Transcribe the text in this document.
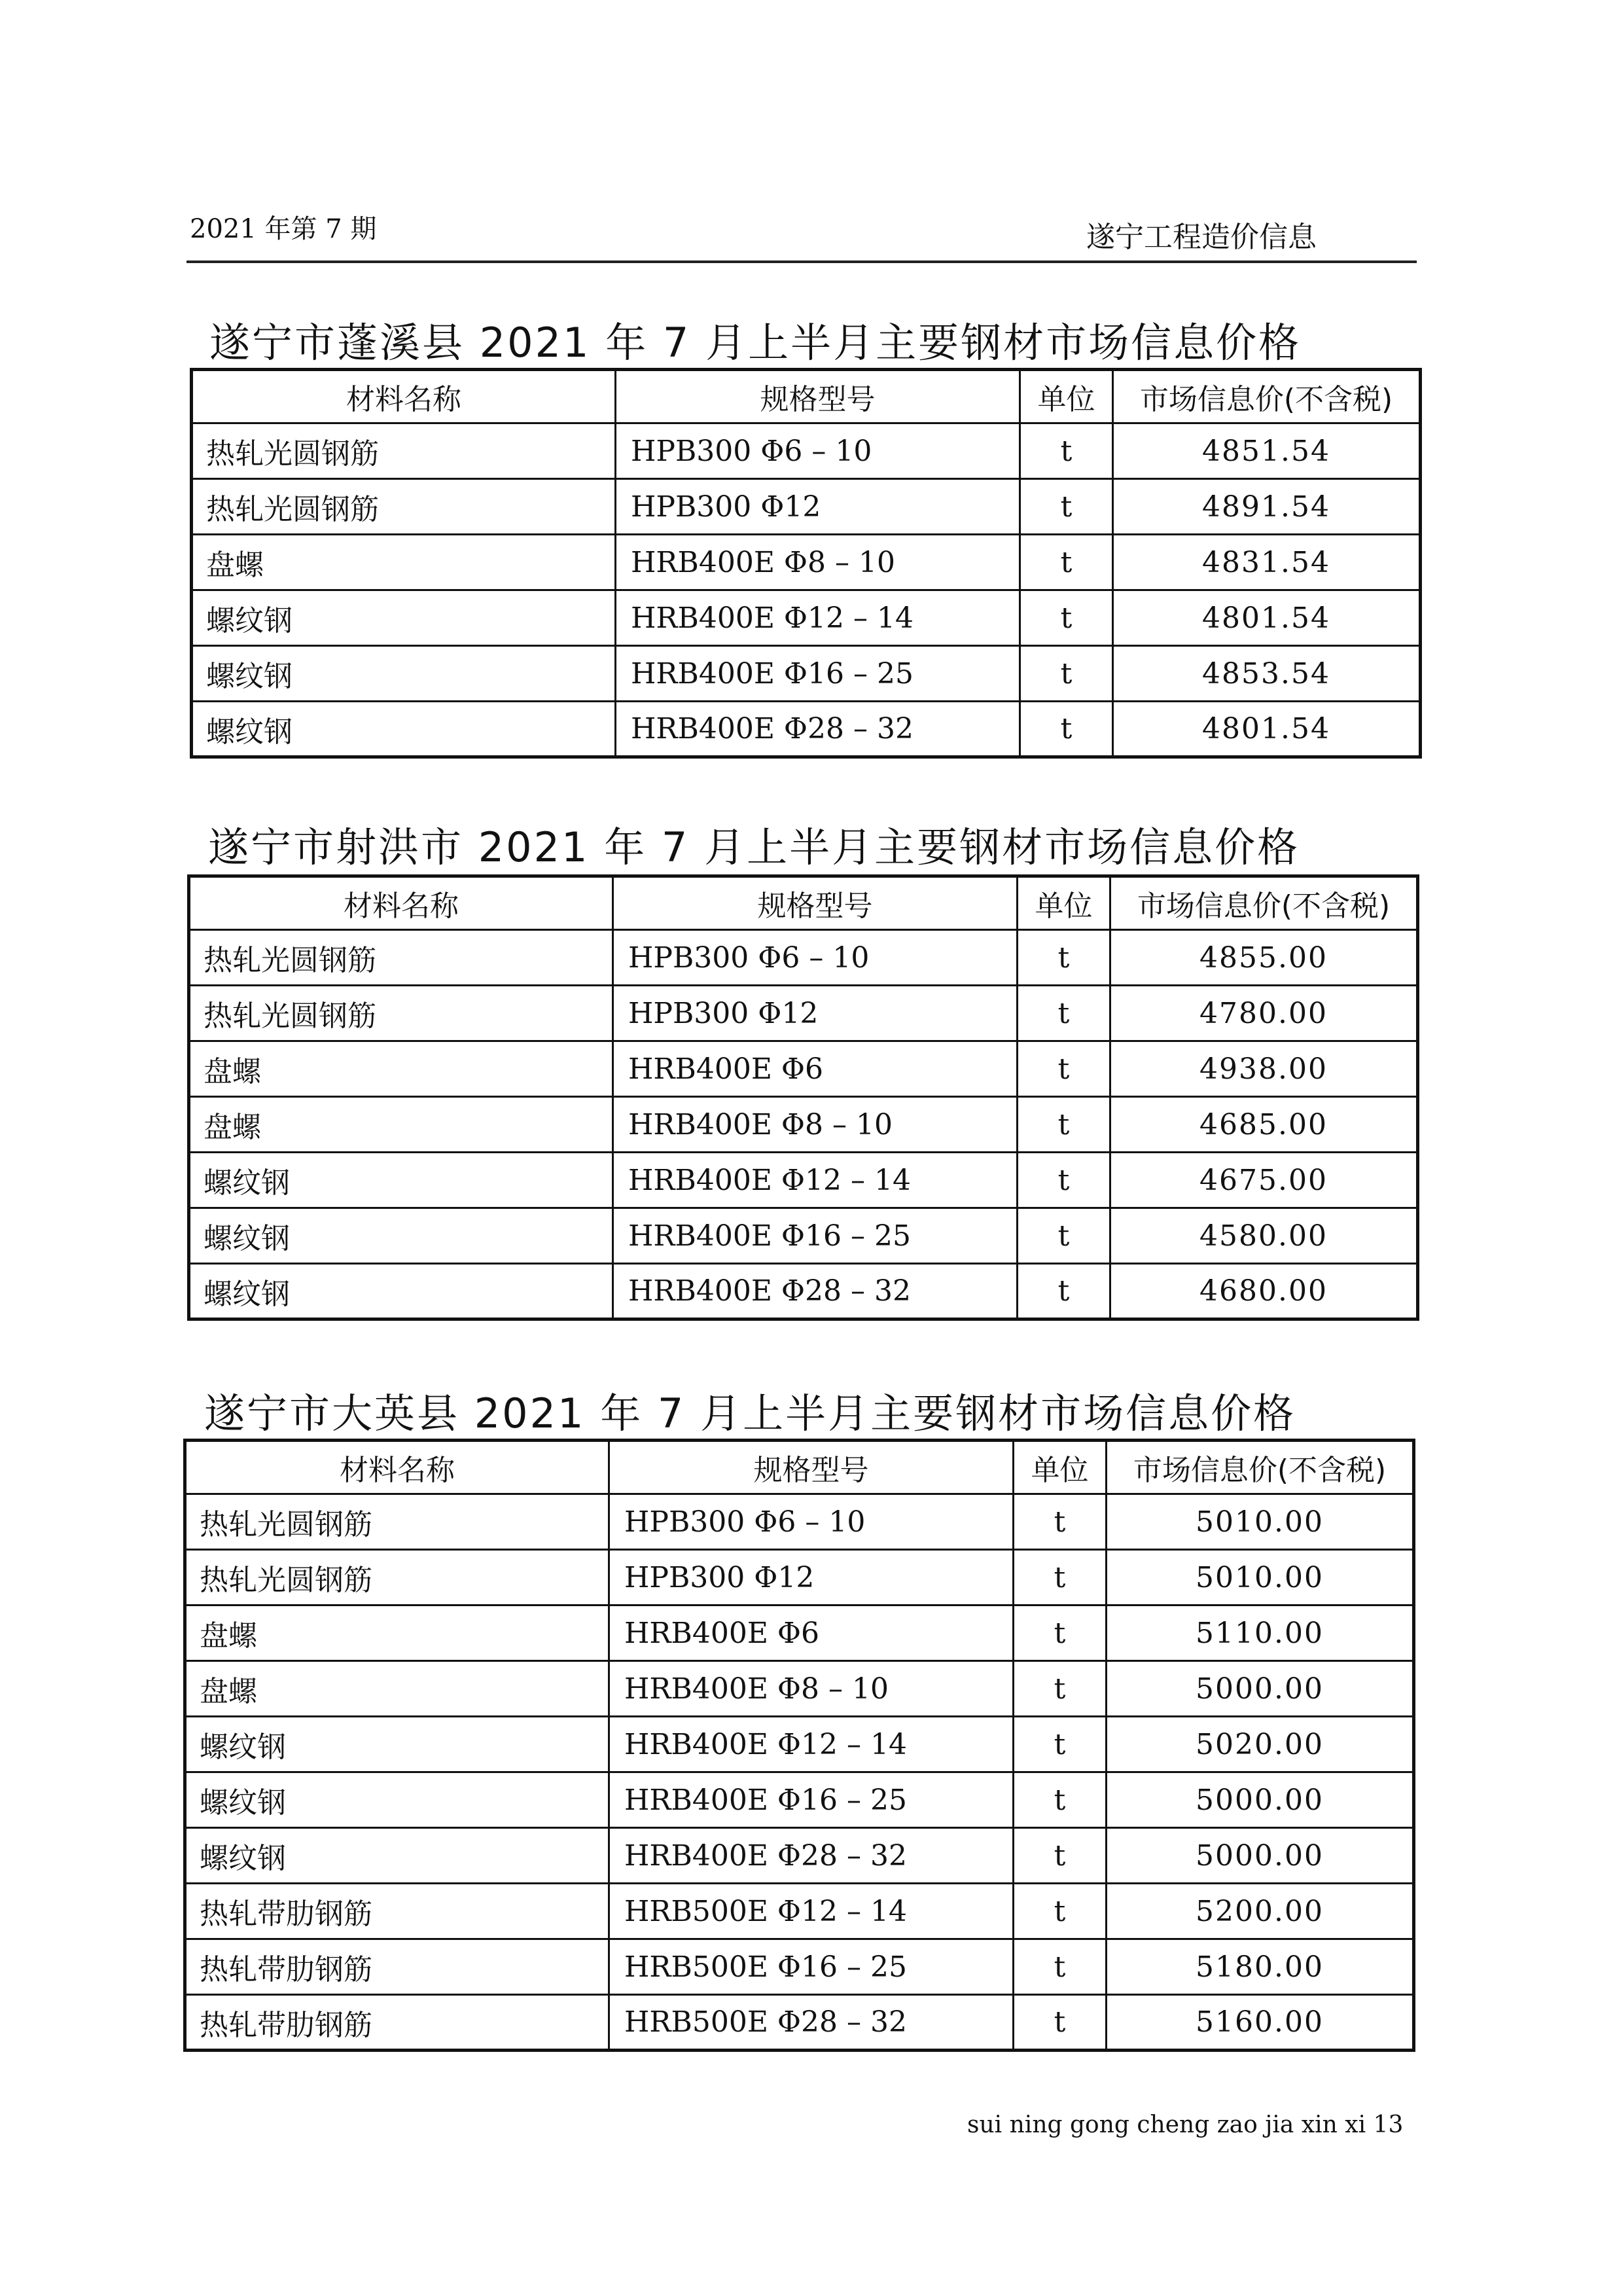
2021 年第 7 期	遂宁工程造价信息
遂宁市蓬溪县 2021 年 7 月上半月主要钢材市场信息价格
材料名称	规格型号	单位	市场信息价(不含税)
热轧光圆钢筋	HPB300 Φ6 – 10	t	4851.54
热轧光圆钢筋	HPB300 Φ12	t	4891.54
盘螺	HRB400E Φ8 – 10	t	4831.54
螺纹钢	HRB400E Φ12 – 14	t	4801.54
螺纹钢	HRB400E Φ16 – 25	t	4853.54
螺纹钢	HRB400E Φ28 – 32	t	4801.54
遂宁市射洪市 2021 年 7 月上半月主要钢材市场信息价格
材料名称	规格型号	单位	市场信息价(不含税)
热轧光圆钢筋	HPB300 Φ6 – 10	t	4855.00
热轧光圆钢筋	HPB300 Φ12	t	4780.00
盘螺	HRB400E Φ6	t	4938.00
盘螺	HRB400E Φ8 – 10	t	4685.00
螺纹钢	HRB400E Φ12 – 14	t	4675.00
螺纹钢	HRB400E Φ16 – 25	t	4580.00
螺纹钢	HRB400E Φ28 – 32	t	4680.00
遂宁市大英县 2021 年 7 月上半月主要钢材市场信息价格
材料名称	规格型号	单位	市场信息价(不含税)
热轧光圆钢筋	HPB300 Φ6 – 10	t	5010.00
热轧光圆钢筋	HPB300 Φ12	t	5010.00
盘螺	HRB400E Φ6	t	5110.00
盘螺	HRB400E Φ8 – 10	t	5000.00
螺纹钢	HRB400E Φ12 – 14	t	5020.00
螺纹钢	HRB400E Φ16 – 25	t	5000.00
螺纹钢	HRB400E Φ28 – 32	t	5000.00
热轧带肋钢筋	HRB500E Φ12 – 14	t	5200.00
热轧带肋钢筋	HRB500E Φ16 – 25	t	5180.00
热轧带肋钢筋	HRB500E Φ28 – 32	t	5160.00
sui ning gong cheng zao jia xin xi 13
